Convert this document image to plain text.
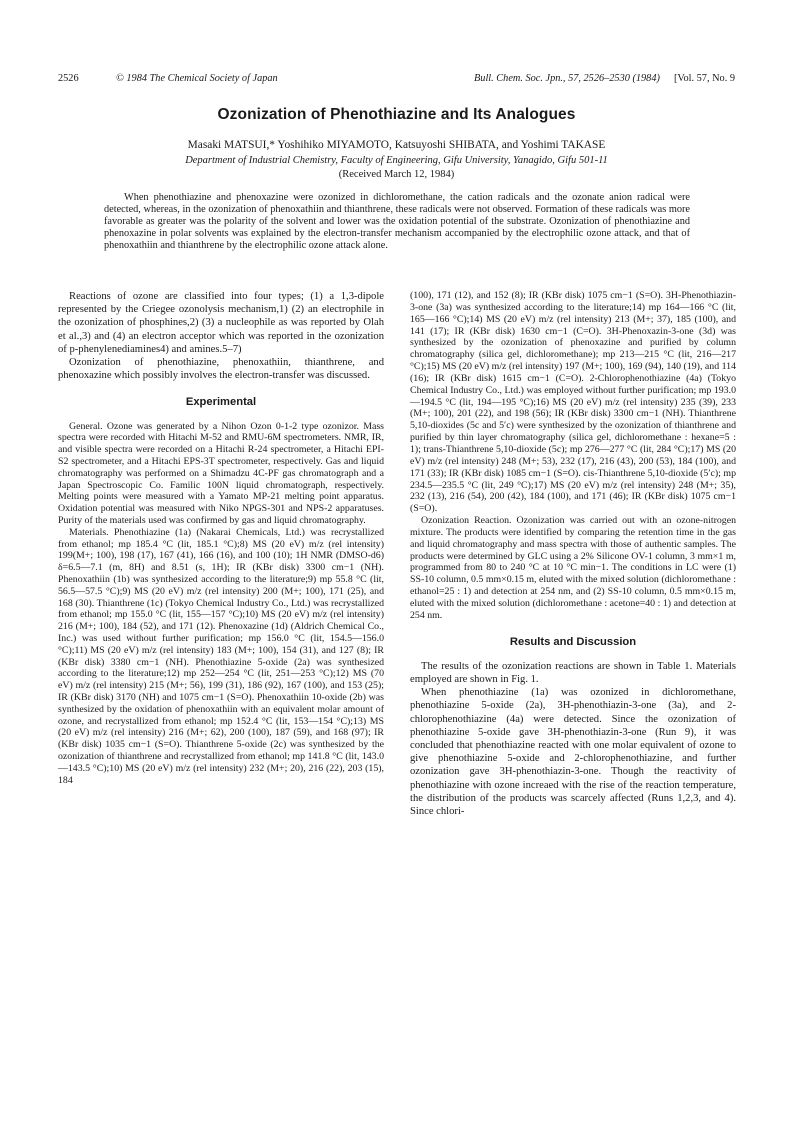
2526	© 1984 The Chemical Society of Japan	Bull. Chem. Soc. Jpn., 57, 2526–2530 (1984) [Vol. 57, No. 9
Ozonization of Phenothiazine and Its Analogues
Masaki MATSUI,* Yoshihiko MIYAMOTO, Katsuyoshi SHIBATA, and Yoshimi TAKASE
Department of Industrial Chemistry, Faculty of Engineering, Gifu University, Yanagido, Gifu 501-11
(Received March 12, 1984)

When phenothiazine and phenoxazine were ozonized in dichloromethane, the cation radicals and the ozonate anion radical were detected, whereas, in the ozonization of phenoxathiin and thianthrene, these radicals were not observed. Formation of these radicals was more favorable as greater was the polarity of the solvent and lower was the oxidation potential of the substrate. Ozonization of phenothiazine and phenoxazine in polar solvents was explained by the electron-transfer mechanism accompanied by the electrophilic ozone attack, and that of phenoxathiin and thianthrene by the electrophilic ozone attack alone.

Reactions of ozone are classified into four types; (1) a 1,3-dipole represented by the Criegee ozonolysis mechanism,1) (2) an electrophile in the ozonization of phosphines,2) (3) a nucleophile as was reported by Olah et al.,3) and (4) an electron acceptor which was reported in the ozonization of p-phenylenediamines4) and amines.5–7)

Ozonization of phenothiazine, phenoxathiin, thianthrene, and phenoxazine which possibly involves the electron-transfer was discussed.

Experimental

General. Ozone was generated by a Nihon Ozon 0-1-2 type ozonizor. Mass spectra were recorded with Hitachi M-52 and RMU-6M spectrometers. NMR, IR, and visible spectra were recorded on a Hitachi R-24 spectrometer, a Hitachi EPI-S2 spectrometer, and a Hitachi EPS-3T spectrometer, respectively. Gas and liquid chromatography was performed on a Shimadzu 4C-PF gas chromatograph and a Japan Spectroscopic Co. Familic 100N liquid chromatograph, respectively. Melting points were measured with a Yamato MP-21 melting point apparatus. Oxidation potential was measured with Niko NPGS-301 and NPS-2 apparatuses. Purity of the materials used was confirmed by gas and liquid chromatography.

Materials. Phenothiazine (1a) (Nakarai Chemicals, Ltd.) was recrystallized from ethanol; mp 185.4 °C (lit, 185.1 °C);8) MS (20 eV) m/z (rel intensity) 199(M+; 100), 198 (17), 167 (41), 166 (16), and 100 (10); 1H NMR (DMSO-d6) δ=6.5—7.1 (m, 8H) and 8.51 (s, 1H); IR (KBr disk) 3300 cm−1 (NH). Phenoxathiin (1b) was synthesized according to the literature;9) mp 55.8 °C (lit, 56.5—57.5 °C);9) MS (20 eV) m/z (rel intensity) 200 (M+; 100), 171 (25), and 168 (30). Thianthrene (1c) (Tokyo Chemical Industry Co., Ltd.) was recrystallized from ethanol; mp 155.0 °C (lit, 155—157 °C);10) MS (20 eV) m/z (rel intensity) 216 (M+; 100), 184 (52), and 171 (12). Phenoxazine (1d) (Aldrich Chemical Co., Inc.) was used without further purification; mp 156.0 °C (lit, 154.5—156.0 °C);11) MS (20 eV) m/z (rel intensity) 183 (M+; 100), 154 (31), and 127 (8); IR (KBr disk) 3380 cm−1 (NH). Phenothiazine 5-oxide (2a) was synthesized according to the literature;12) mp 252—254 °C (lit, 251—253 °C);12) MS (70 eV) m/z (rel intensity) 215 (M+; 56), 199 (31), 186 (92), 167 (100), and 153 (25); IR (KBr disk) 3170 (NH) and 1075 cm−1 (S=O). Phenoxathiin 10-oxide (2b) was synthesized by the oxidation of phenoxathiin with an equivalent molar amount of ozone, and recrystallized from ethanol; mp 152.4 °C (lit, 153—154 °C);13) MS (20 eV) m/z (rel intensity) 216 (M+; 62), 200 (100), 187 (59), and 168 (97); IR (KBr disk) 1035 cm−1 (S=O). Thianthrene 5-oxide (2c) was synthesized by the ozonization of thianthrene and recrystallized from ethanol; mp 141.8 °C (lit, 143.0—143.5 °C);10) MS (20 eV) m/z (rel intensity) 232 (M+; 20), 216 (22), 203 (15), 184

(100), 171 (12), and 152 (8); IR (KBr disk) 1075 cm−1 (S=O). 3H-Phenothiazin-3-one (3a) was synthesized according to the literature;14) mp 164—166 °C (lit, 165—166 °C);14) MS (20 eV) m/z (rel intensity) 213 (M+; 37), 185 (100), and 141 (17); IR (KBr disk) 1630 cm−1 (C=O). 3H-Phenoxazin-3-one (3d) was synthesized by the ozonization of phenoxazine and purified by column chromatography (silica gel, dichloromethane); mp 213—215 °C (lit, 216—217 °C);15) MS (20 eV) m/z (rel intensity) 197 (M+; 100), 169 (94), 140 (19), and 114 (16); IR (KBr disk) 1615 cm−1 (C=O). 2-Chlorophenothiazine (4a) (Tokyo Chemical Industry Co., Ltd.) was employed without further purification; mp 193.0—194.5 °C (lit, 194—195 °C);16) MS (20 eV) m/z (rel intensity) 235 (39), 233 (M+; 100), 201 (22), and 198 (56); IR (KBr disk) 3300 cm−1 (NH). Thianthrene 5,10-dioxides (5c and 5′c) were synthesized by the ozonization of thianthrene and purified by thin layer chromatography (silica gel, dichloromethane : hexane=5 : 1); trans-Thianthrene 5,10-dioxide (5c); mp 276—277 °C (lit, 284 °C);17) MS (20 eV) m/z (rel intensity) 248 (M+; 53), 232 (17), 216 (43), 200 (53), 184 (100), and 171 (33); IR (KBr disk) 1085 cm−1 (S=O). cis-Thianthrene 5,10-dioxide (5′c); mp 234.5—235.5 °C (lit, 249 °C);17) MS (20 eV) m/z (rel intensity) 248 (M+; 35), 232 (13), 216 (54), 200 (42), 184 (100), and 171 (46); IR (KBr disk) 1075 cm−1 (S=O).

Ozonization Reaction. Ozonization was carried out with an ozone-nitrogen mixture. The products were identified by comparing the retention time in the gas and liquid chromatography and mass spectra with those of authentic samples. The products were determined by GLC using a 2% Silicone OV-1 column, 3 mm×1 m, programmed from 80 to 240 °C at 10 °C min−1. The conditions in LC were (1) SS-10 column, 0.5 mm×0.15 m, eluted with the mixed solution (dichloromethane : ethanol=25 : 1) and detection at 254 nm, and (2) SS-10 column, 0.5 mm×0.15 m, eluted with the mixed solution (dichloromethane : acetone=40 : 1) and detection at 254 nm.

Results and Discussion

The results of the ozonization reactions are shown in Table 1. Materials employed are shown in Fig. 1.

When phenothiazine (1a) was ozonized in dichloromethane, phenothiazine 5-oxide (2a), 3H-phenothiazin-3-one (3a), and 2-chlorophenothiazine (4a) were detected. Since the ozonization of phenothiazine 5-oxide gave 3H-phenothiazin-3-one (Run 9), it was concluded that phenothiazine reacted with one molar equivalent of ozone to give phenothiazine 5-oxide and 2-chlorophenothiazine, and further ozonization gave 3H-phenothiazin-3-one. Though the reactivity of phenothiazine with ozone increaed with the rise of the reaction temperature, the distribution of the products was scarcely affected (Runs 1,2,3, and 4). Since chlori-
